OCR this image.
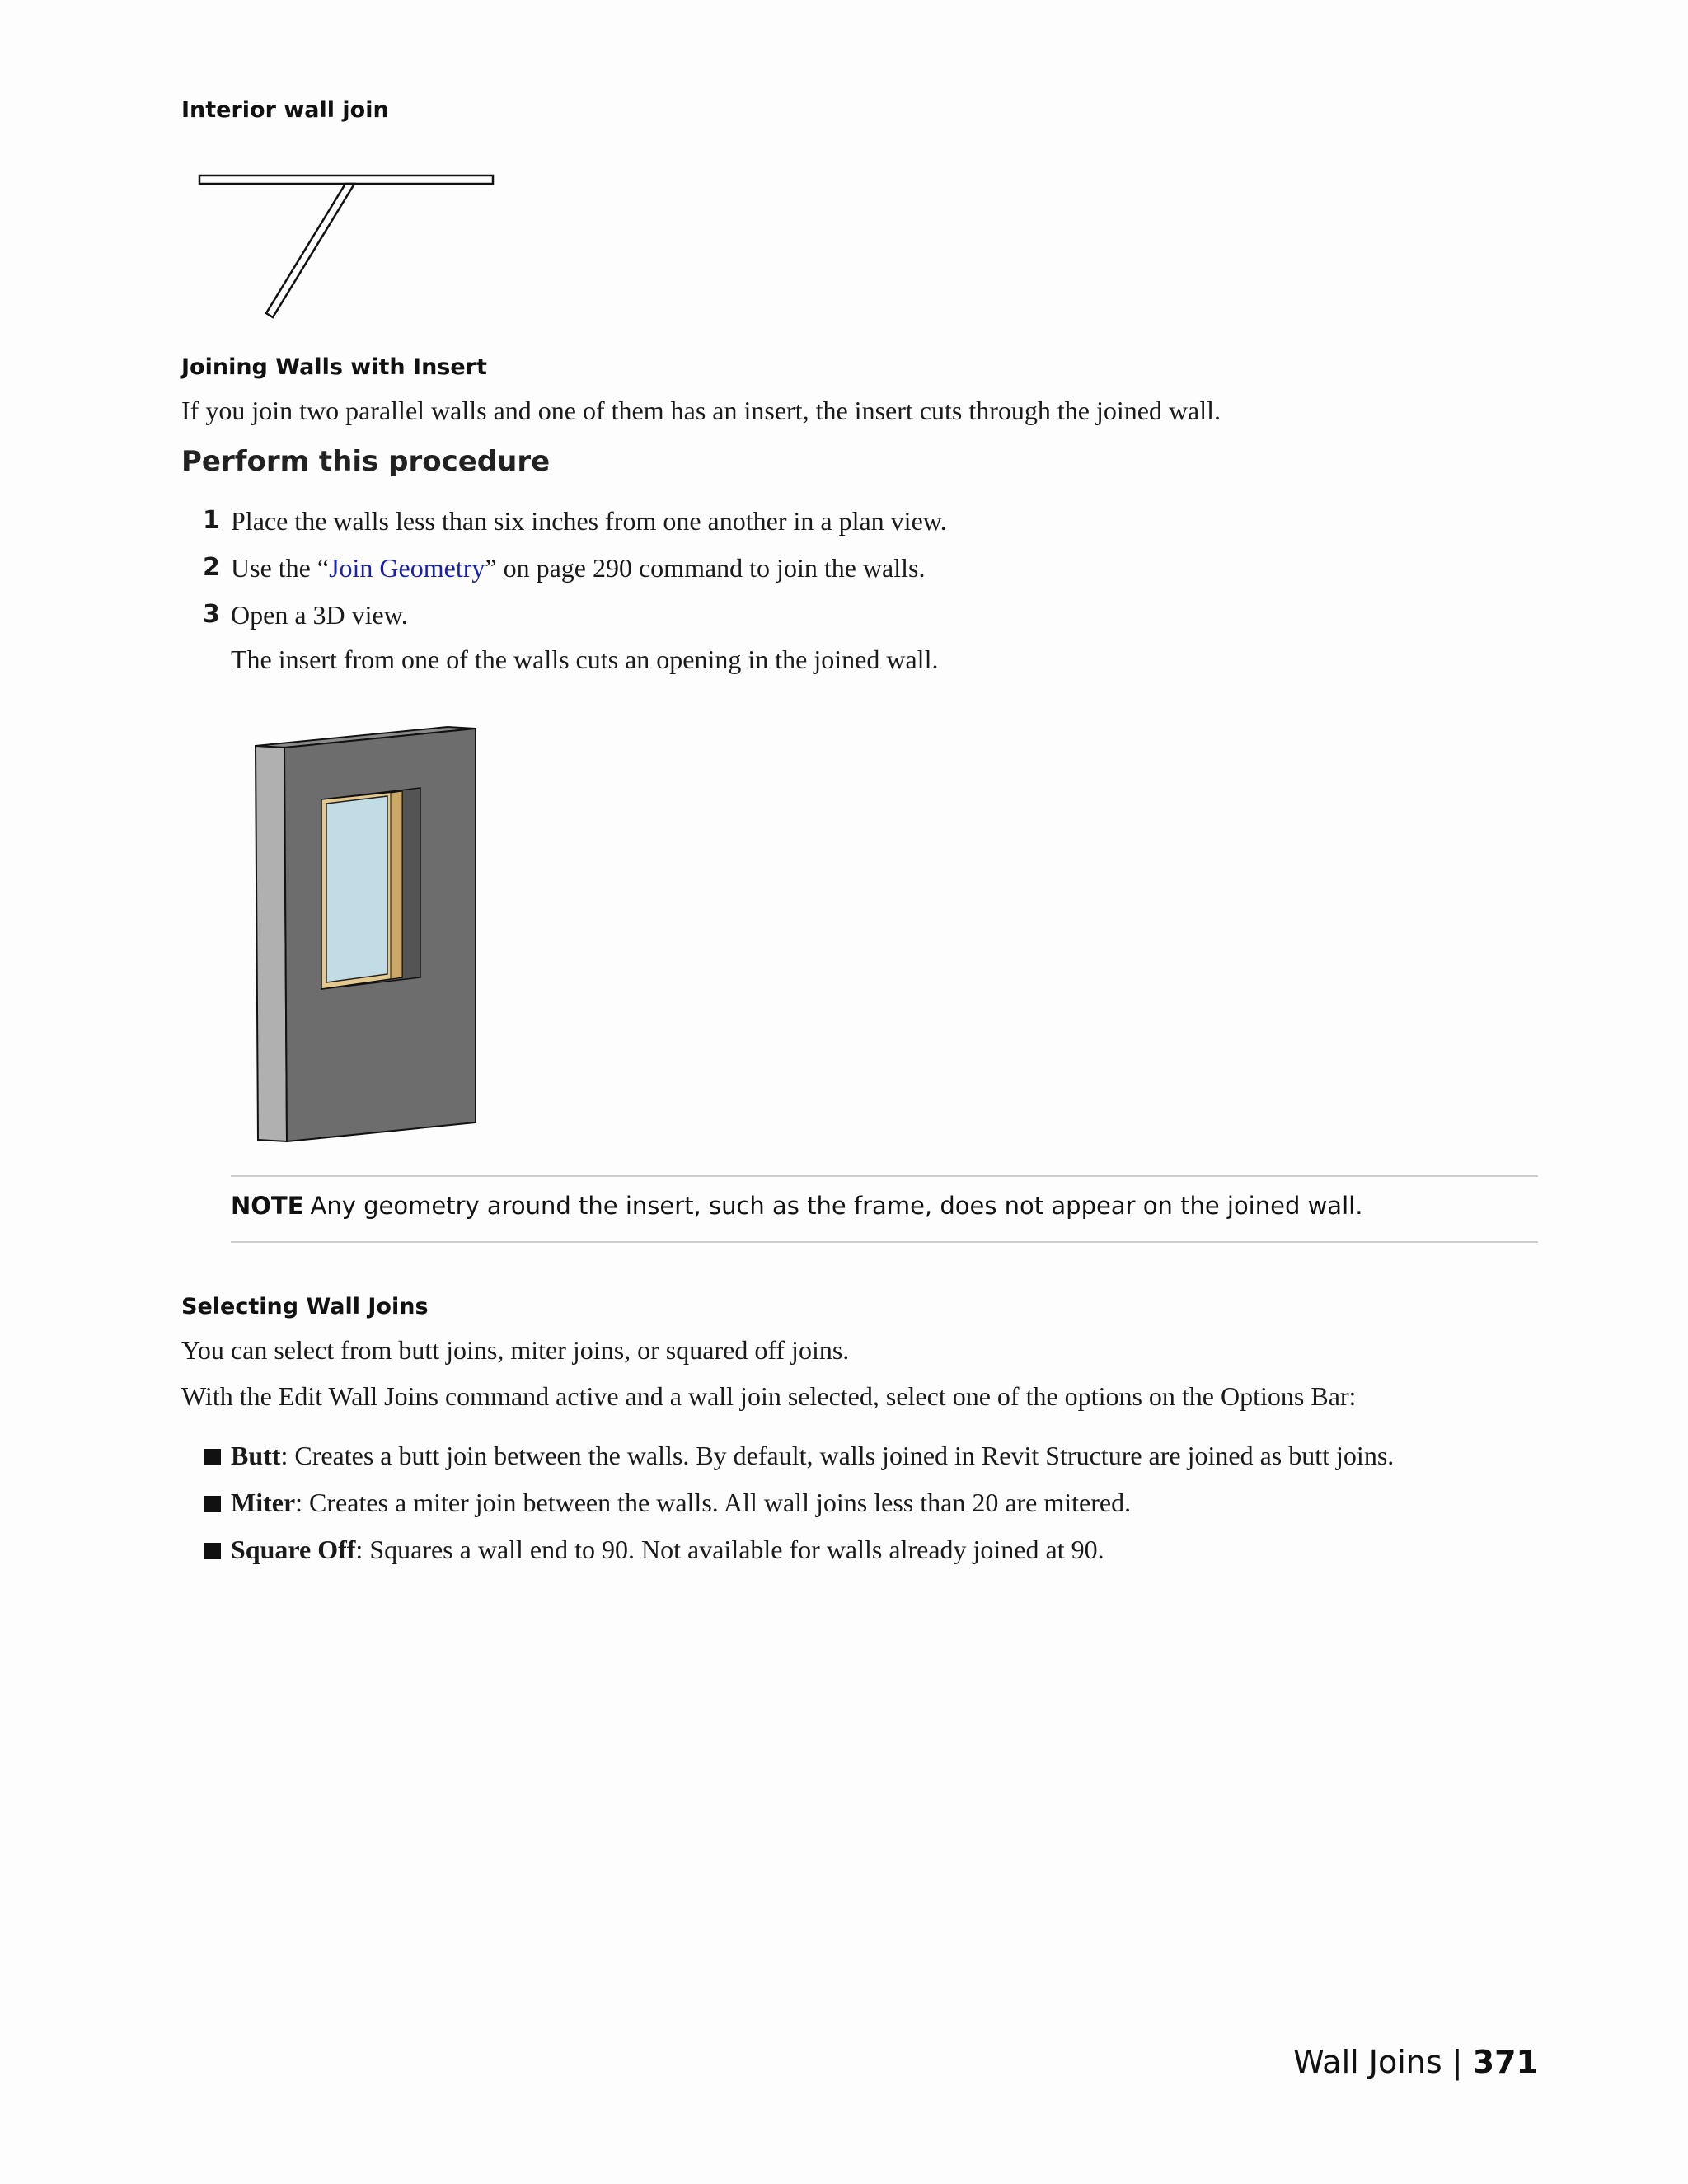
Interior wall join
Joining Walls with Insert
If you join two parallel walls and one of them has an insert, the insert cuts through the joined wall.
Perform this procedure
1 Place the walls less than six inches from one another in a plan view.
2 Use the “Join Geometry” on page 290 command to join the walls.
3 Open a 3D view.
The insert from one of the walls cuts an opening in the joined wall.
NOTE Any geometry around the insert, such as the frame, does not appear on the joined wall.
Selecting Wall Joins
You can select from butt joins, miter joins, or squared off joins.
With the Edit Wall Joins command active and a wall join selected, select one of the options on the Options Bar:
Butt: Creates a butt join between the walls. By default, walls joined in Revit Structure are joined as butt joins.
Miter: Creates a miter join between the walls. All wall joins less than 20 are mitered.
Square Off: Squares a wall end to 90. Not available for walls already joined at 90.
Wall Joins | 371
